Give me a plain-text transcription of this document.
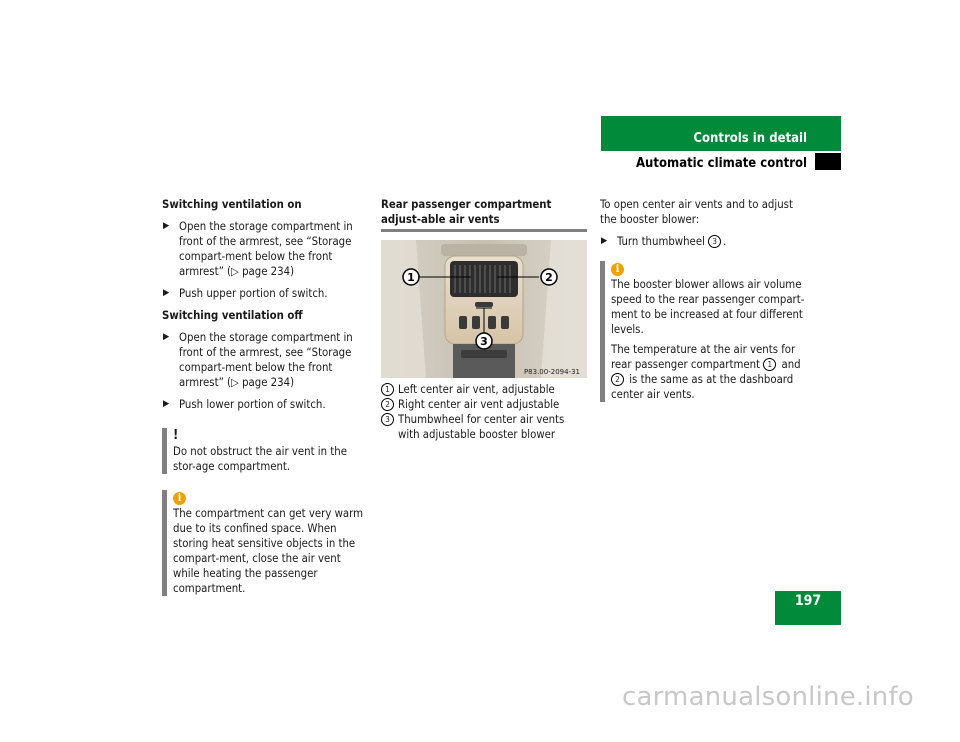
Controls in detail
Automatic climate control

Switching ventilation on

▶ Open the storage compartment in front of the armrest, see “Storage compart-ment below the front armrest” (▷ page 234)
▶ Push upper portion of switch.

Switching ventilation off

▶ Open the storage compartment in front of the armrest, see “Storage compart-ment below the front armrest” (▷ page 234)
▶ Push lower portion of switch.
!

Do not obstruct the air vent in the stor-age compartment.

i

The compartment can get very warm due to its confined space. When storing heat sensitive objects in the compart-ment, close the air vent while heating the passenger compartment.

Rear passenger compartment adjust-able air vents

1	2
3
P83.00-2094-31
1 Left center air vent, adjustable
2 Right center air vent adjustable
3 Thumbwheel for center air vents with adjustable booster blower

To open center air vents and to adjust the booster blower:

▶ Turn thumbwheel 3 .
i

The booster blower allows air volume speed to the rear passenger compart-ment to be increased at four different levels.

The temperature at the air vents for rear passenger compartment 1 and 2 is the same as at the dashboard center air vents.

197
carmanualsonline.info
